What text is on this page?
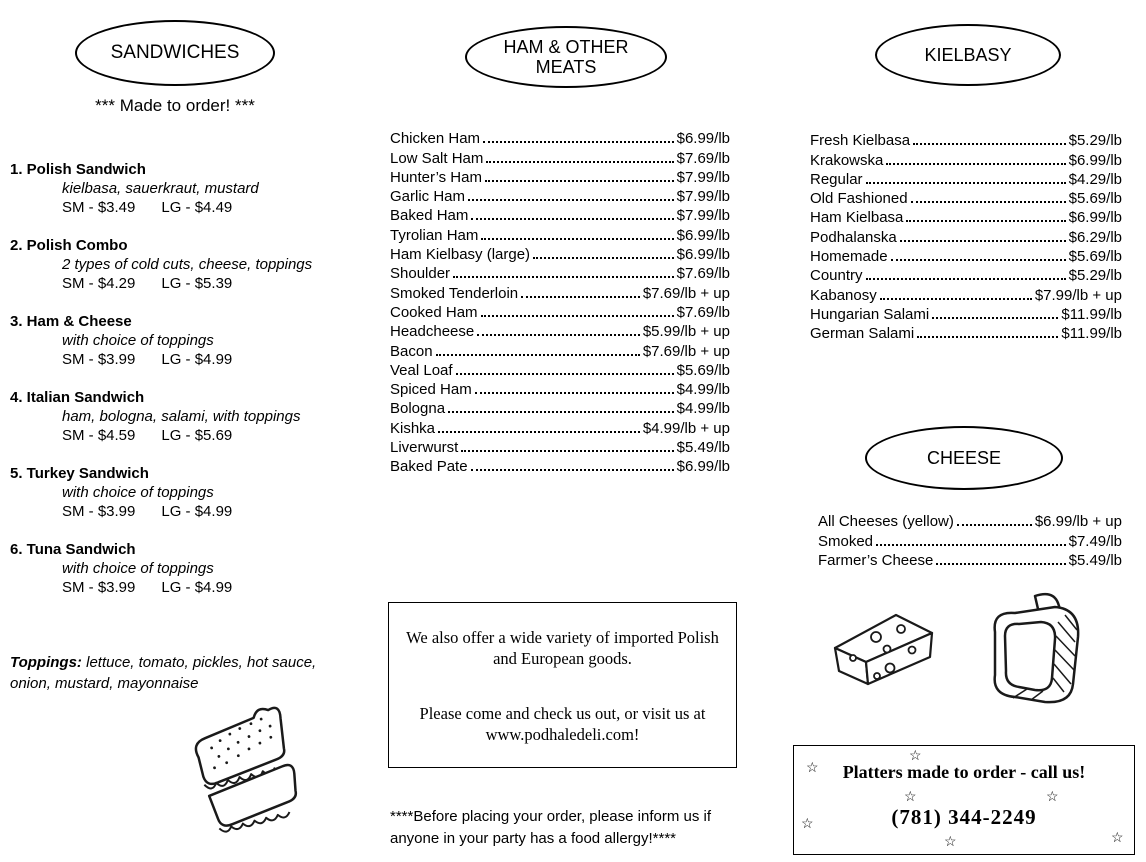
SANDWICHES
*** Made to order! ***
1. Polish Sandwich
kielbasa, sauerkraut, mustard
SM - $3.49 LG - $4.49
2. Polish Combo
2 types of cold cuts, cheese, toppings
SM - $4.29 LG - $5.39
3. Ham & Cheese
with choice of toppings
SM - $3.99 LG - $4.99
4. Italian Sandwich
ham, bologna, salami, with toppings
SM - $4.59 LG - $5.69
5. Turkey Sandwich
with choice of toppings
SM - $3.99 LG - $4.99
6. Tuna Sandwich
with choice of toppings
SM - $3.99 LG - $4.99
Toppings: lettuce, tomato, pickles, hot sauce, onion, mustard, mayonnaise
HAM & OTHER MEATS
Chicken Ham	$6.99/lb
Low Salt Ham	$7.69/lb
Hunter’s Ham	$7.99/lb
Garlic Ham	$7.99/lb
Baked Ham	$7.99/lb
Tyrolian Ham	$6.99/lb
Ham Kielbasy (large)	$6.99/lb
Shoulder	$7.69/lb
Smoked Tenderloin	$7.69/lb + up
Cooked Ham	$7.69/lb
Headcheese	$5.99/lb + up
Bacon	$7.69/lb + up
Veal Loaf	$5.69/lb
Spiced Ham	$4.99/lb
Bologna	$4.99/lb
Kishka	$4.99/lb + up
Liverwurst	$5.49/lb
Baked Pate	$6.99/lb
We also offer a wide variety of imported Polish and European goods.
Please come and check us out, or visit us at www.podhaledeli.com!
****Before placing your order, please inform us if anyone in your party has a food allergy!****
KIELBASY
Fresh Kielbasa	$5.29/lb
Krakowska	$6.99/lb
Regular	$4.29/lb
Old Fashioned	$5.69/lb
Ham Kielbasa	$6.99/lb
Podhalanska	$6.29/lb
Homemade	$5.69/lb
Country	$5.29/lb
Kabanosy	$7.99/lb + up
Hungarian Salami	$11.99/lb
German Salami	$11.99/lb
CHEESE
All Cheeses (yellow)	$6.99/lb + up
Smoked	$7.49/lb
Farmer’s Cheese	$5.49/lb
☆
☆
☆
☆	☆
☆	☆
Platters made to order - call us!
(781) 344-2249
